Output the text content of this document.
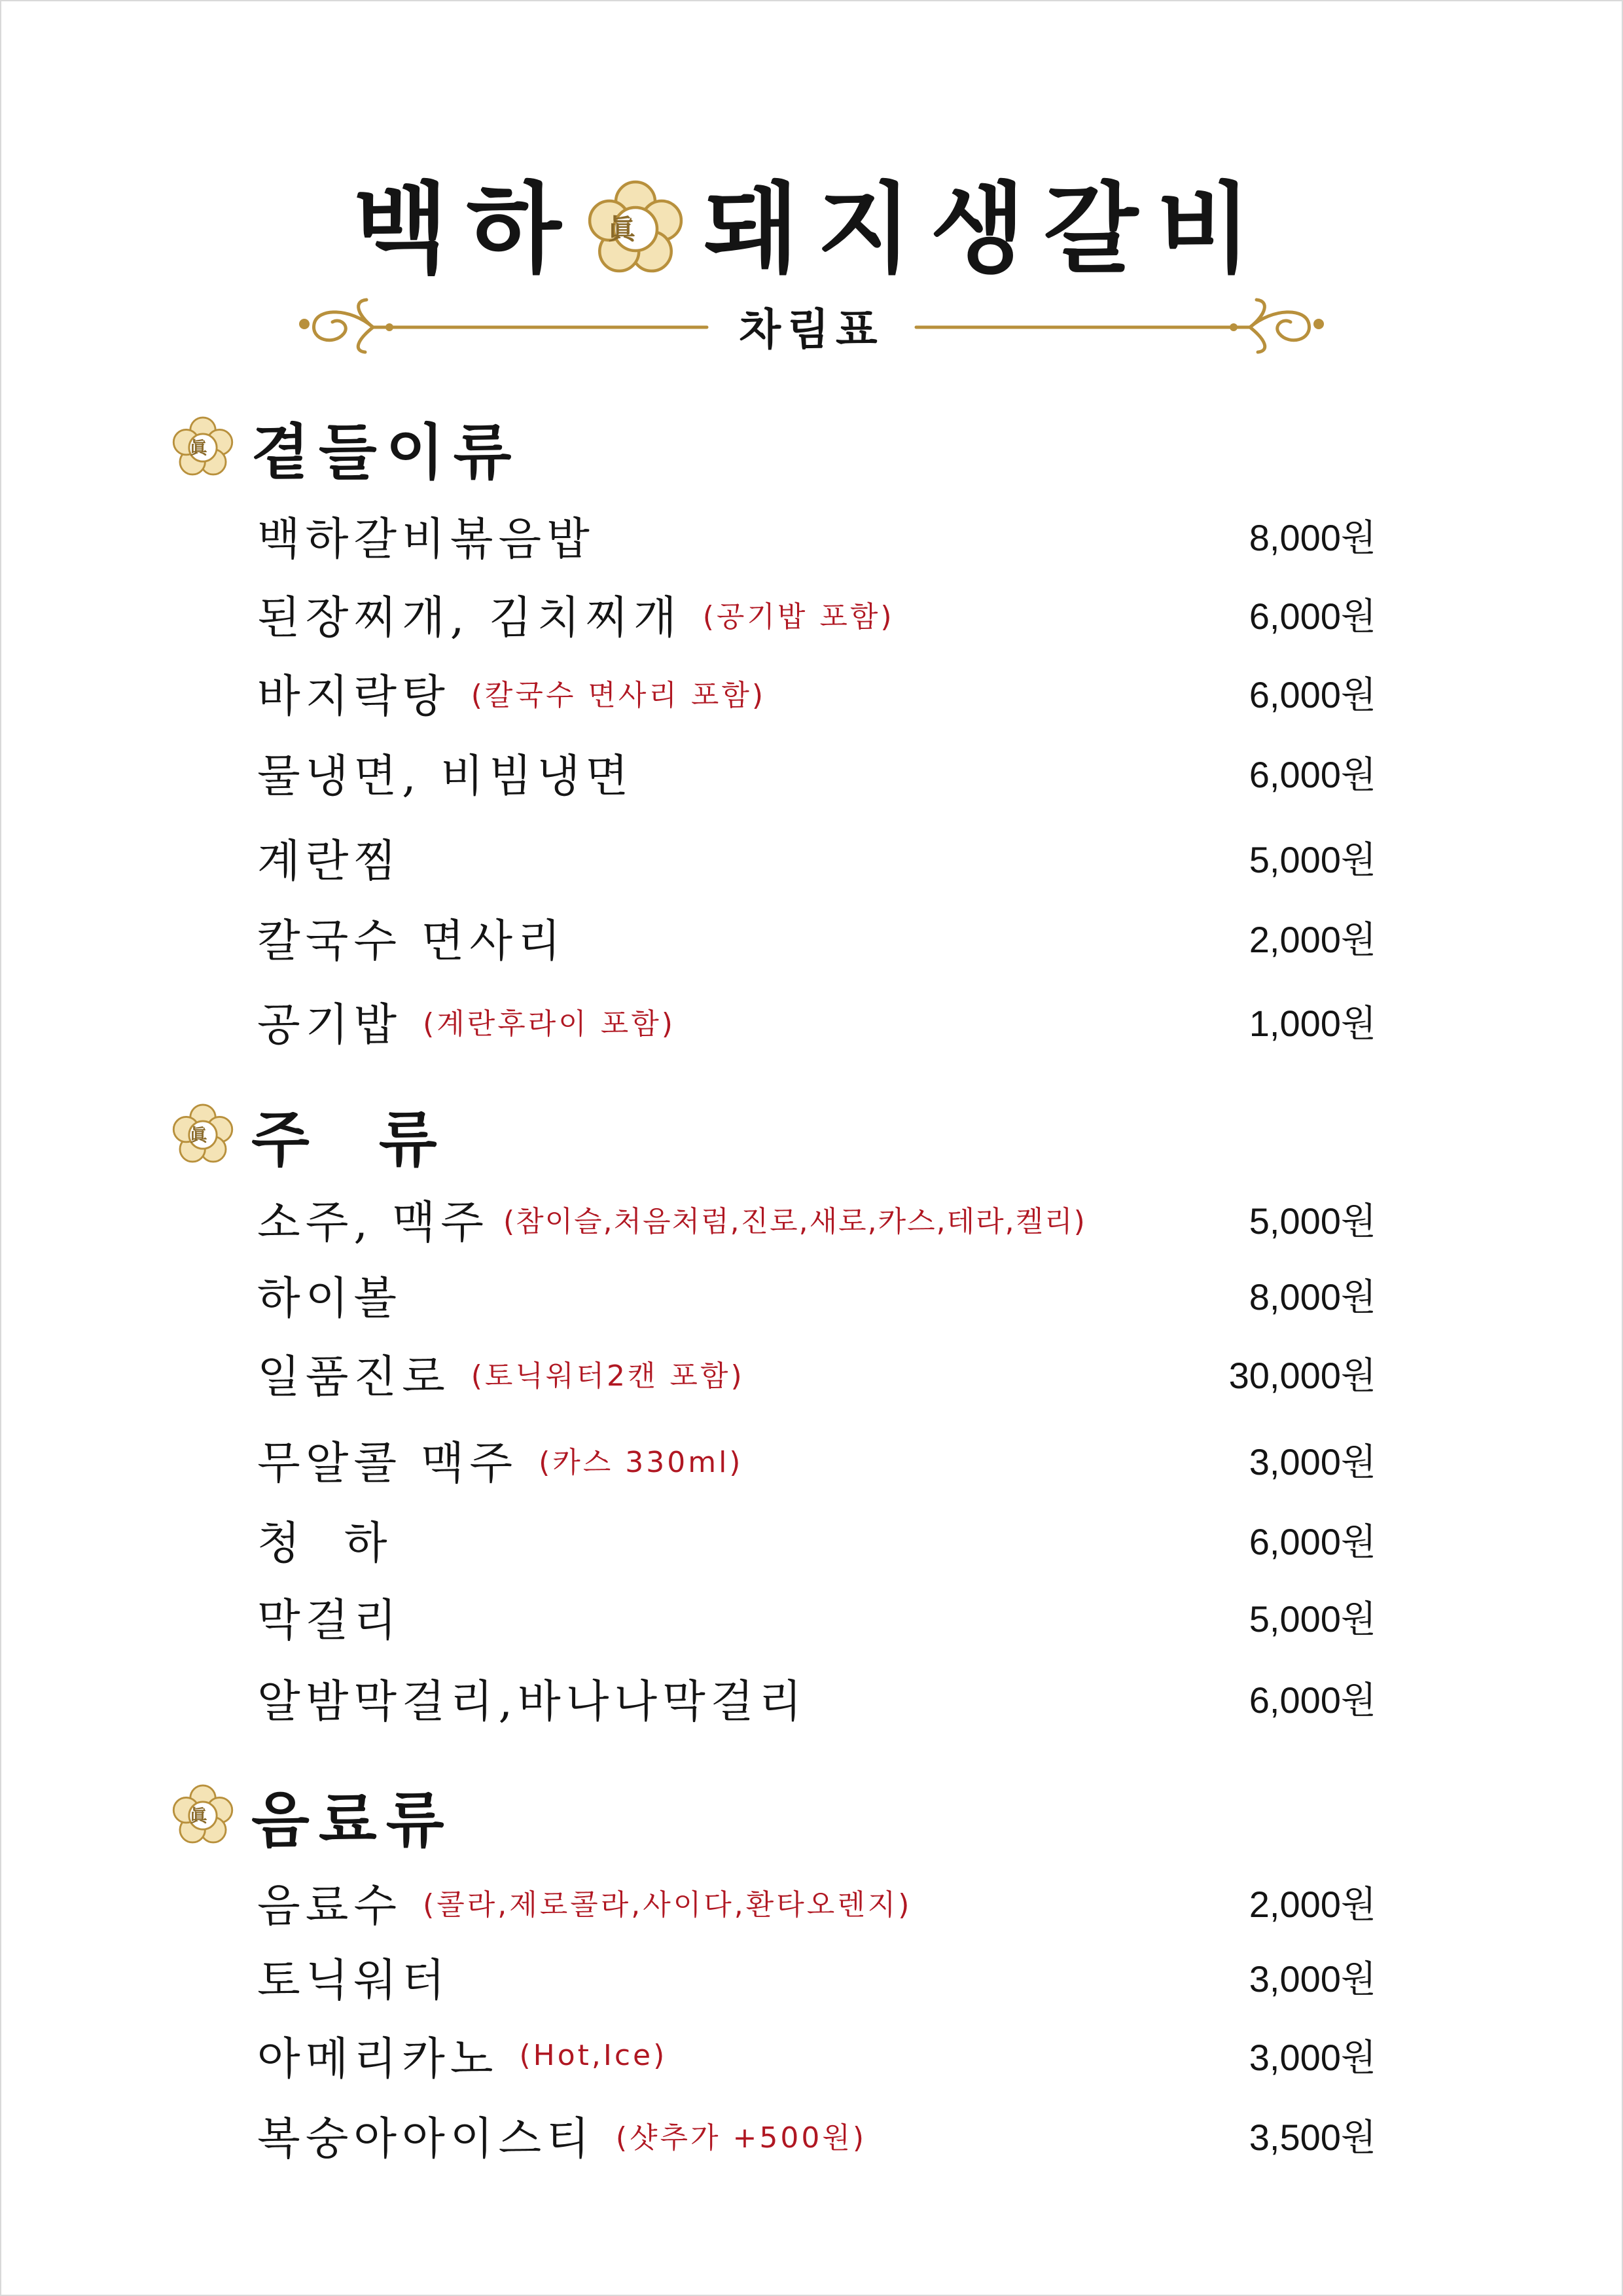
백하 眞 돼지생갈비
차림표
眞 곁들이류
백하갈비볶음밥	8,000원
된장찌개, 김치찌개 (공기밥 포함)	6,000원
바지락탕 (칼국수 면사리 포함)	6,000원
물냉면, 비빔냉면	6,000원
계란찜	5,000원
칼국수 면사리	2,000원
공기밥 (계란후라이 포함)	1,000원
眞 주  류
소주, 맥주 (참이슬,처음처럼,진로,새로,카스,테라,켈리)	5,000원
하이볼	8,000원
일품진로 (토닉워터2캔 포함)	30,000원
무알콜 맥주 (카스 330ml)	3,000원
청  하	6,000원
막걸리	5,000원
알밤막걸리,바나나막걸리	6,000원
眞 음료류
음료수 (콜라,제로콜라,사이다,환타오렌지)	2,000원
토닉워터	3,000원
아메리카노 (Hot,Ice)	3,000원
복숭아아이스티 (샷추가 +500원)	3,500원
